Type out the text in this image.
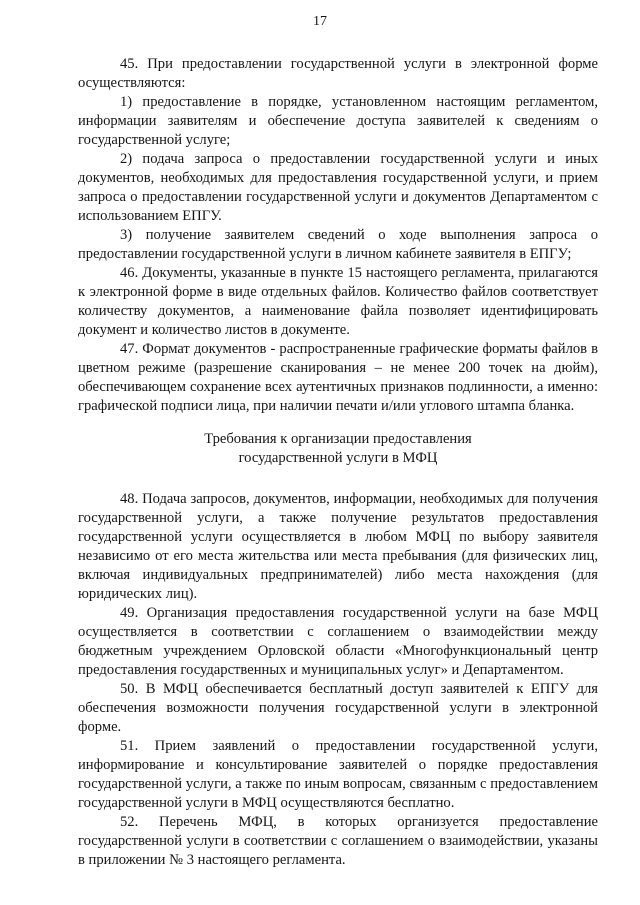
17

45. При предоставлении государственной услуги в электронной форме осуществляются:

1) предоставление в порядке, установленном настоящим регламентом, информации заявителям и обеспечение доступа заявителей к сведениям о государственной услуге;

2) подача запроса о предоставлении государственной услуги и иных документов, необходимых для предоставления государственной услуги, и прием запроса о предоставлении государственной услуги и документов Департаментом с использованием ЕПГУ.

3) получение заявителем сведений о ходе выполнения запроса о предоставлении государственной услуги в личном кабинете заявителя в ЕПГУ;

46. Документы, указанные в пункте 15 настоящего регламента, прилагаются к электронной форме в виде отдельных файлов. Количество файлов соответствует количеству документов, а наименование файла позволяет идентифицировать документ и количество листов в документе.

47. Формат документов - распространенные графические форматы файлов в цветном режиме (разрешение сканирования – не менее 200 точек на дюйм), обеспечивающем сохранение всех аутентичных признаков подлинности, а именно: графической подписи лица, при наличии печати и/или углового штампа бланка.

Требования к организации предоставления
государственной услуги в МФЦ

48. Подача запросов, документов, информации, необходимых для получения государственной услуги, а также получение результатов предоставления государственной услуги осуществляется в любом МФЦ по выбору заявителя независимо от его места жительства или места пребывания (для физических лиц, включая индивидуальных предпринимателей) либо места нахождения (для юридических лиц).

49. Организация предоставления государственной услуги на базе МФЦ осуществляется в соответствии с соглашением о взаимодействии между бюджетным учреждением Орловской области «Многофункциональный центр предоставления государственных и муниципальных услуг» и Департаментом.

50. В МФЦ обеспечивается бесплатный доступ заявителей к ЕПГУ для обеспечения возможности получения государственной услуги в электронной форме.

51. Прием заявлений о предоставлении государственной услуги, информирование и консультирование заявителей о порядке предоставления государственной услуги, а также по иным вопросам, связанным с предоставлением государственной услуги в МФЦ осуществляются бесплатно.

52. Перечень МФЦ, в которых организуется предоставление государственной услуги в соответствии с соглашением о взаимодействии, указаны в приложении № 3 настоящего регламента.
